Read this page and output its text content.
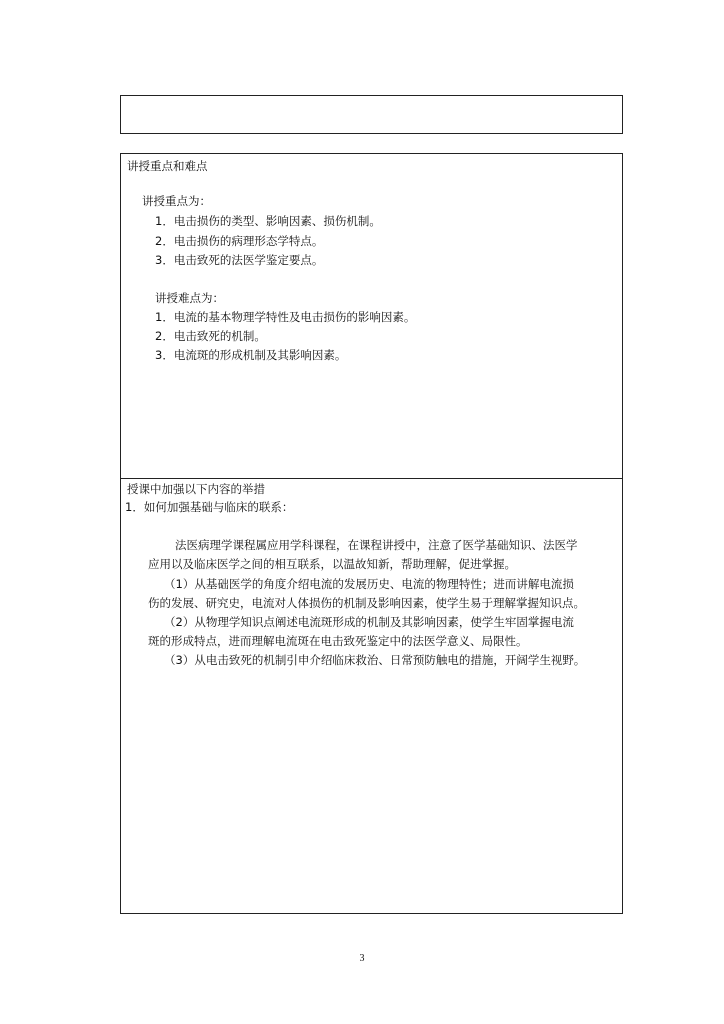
讲授重点和难点
讲授重点为：
1．电击损伤的类型、影响因素、损伤机制。
2．电击损伤的病理形态学特点。
3．电击致死的法医学鉴定要点。
讲授难点为：
1．电流的基本物理学特性及电击损伤的影响因素。
2．电击致死的机制。
3．电流斑的形成机制及其影响因素。
授课中加强以下内容的举措
1．如何加强基础与临床的联系：
法医病理学课程属应用学科课程，在课程讲授中，注意了医学基础知识、法医学
应用以及临床医学之间的相互联系，以温故知新，帮助理解，促进掌握。
（1）从基础医学的角度介绍电流的发展历史、电流的物理特性；进而讲解电流损
伤的发展、研究史，电流对人体损伤的机制及影响因素，使学生易于理解掌握知识点。
（2）从物理学知识点阐述电流斑形成的机制及其影响因素，使学生牢固掌握电流
斑的形成特点，进而理解电流斑在电击致死鉴定中的法医学意义、局限性。
（3）从电击致死的机制引申介绍临床救治、日常预防触电的措施，开阔学生视野。
3
